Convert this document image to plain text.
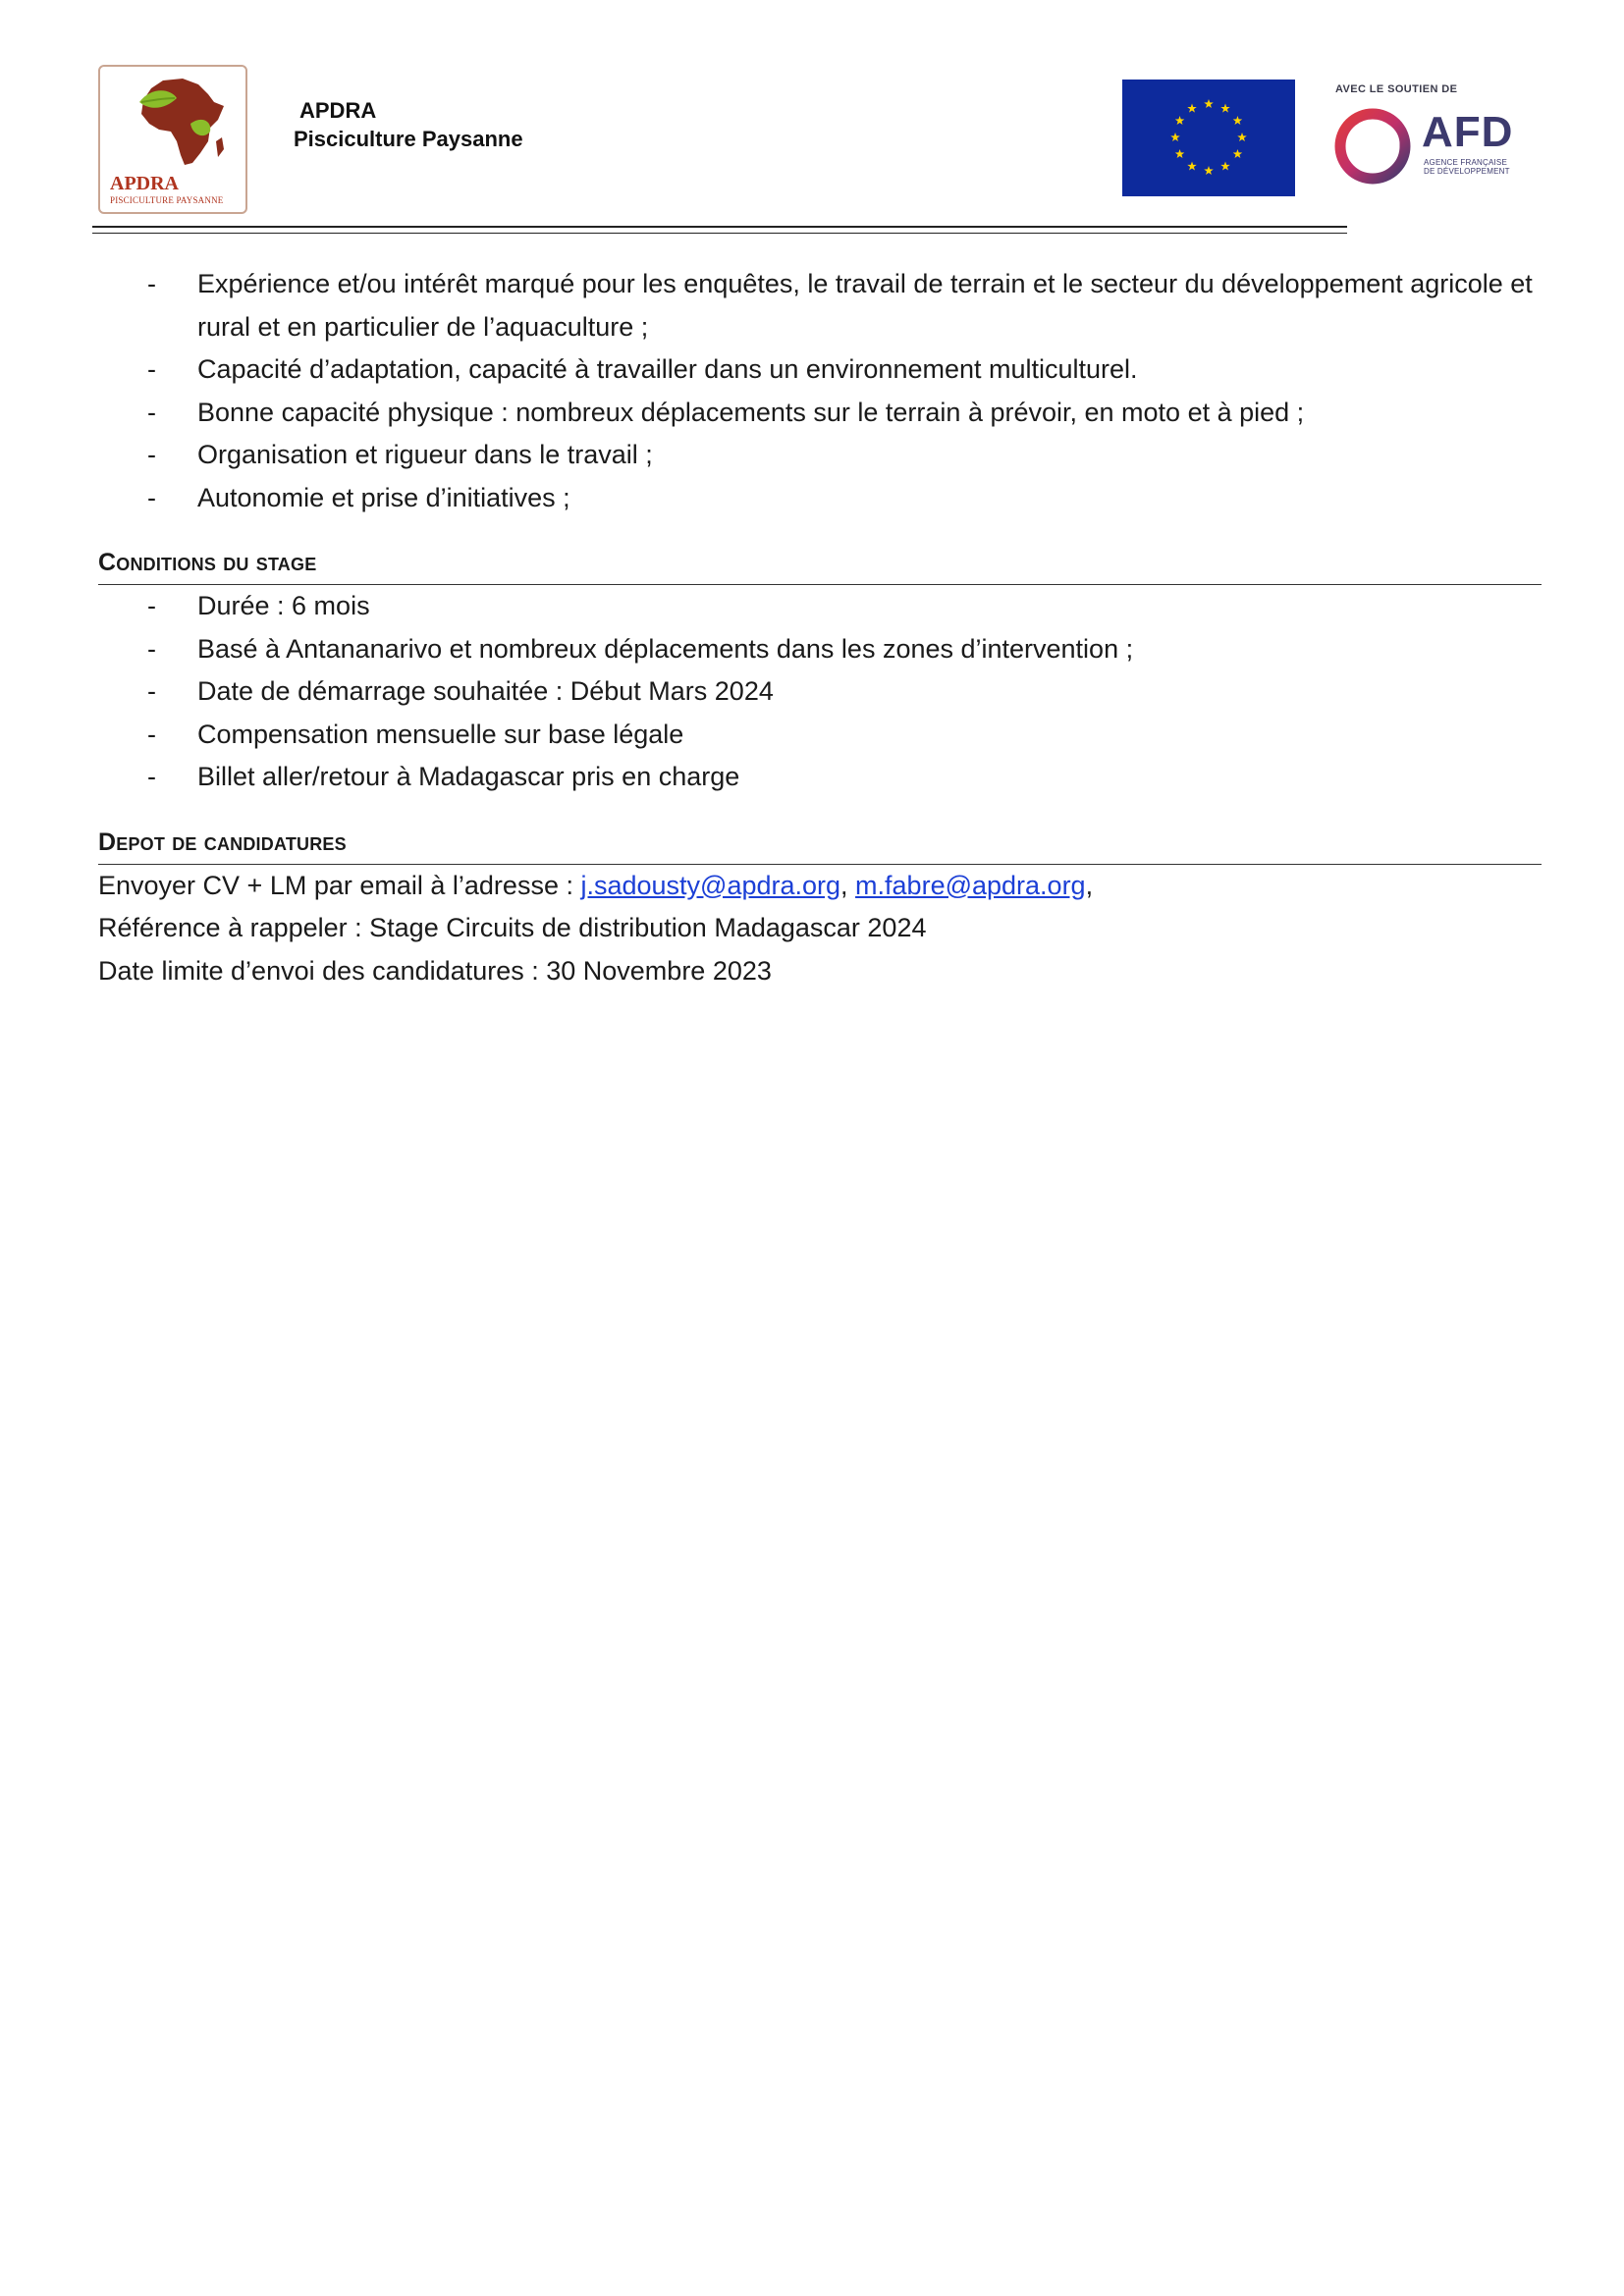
APDRA
PISCICULTURE PAYSANNE
APDRA
Pisciculture Paysanne
AVEC LE SOUTIEN DE
AFD
AGENCE FRANÇAISE
DE DÉVELOPPEMENT
- Expérience et/ou intérêt marqué pour les enquêtes, le travail de terrain et le secteur du développement agricole et rural et en particulier de l’aquaculture ;
- Capacité d’adaptation, capacité à travailler dans un environnement multiculturel.
- Bonne capacité physique : nombreux déplacements sur le terrain à prévoir, en moto et à pied ;
- Organisation et rigueur dans le travail ;
- Autonomie et prise d’initiatives ;
Conditions du stage
- Durée : 6 mois
- Basé à Antananarivo et nombreux déplacements dans les zones d’intervention ;
- Date de démarrage souhaitée : Début Mars 2024
- Compensation mensuelle sur base légale
- Billet aller/retour à Madagascar pris en charge
Depot de candidatures

Envoyer CV + LM par email à l’adresse : j.sadousty@apdra.org, m.fabre@apdra.org,

Référence à rappeler : Stage Circuits de distribution Madagascar 2024

Date limite d’envoi des candidatures : 30 Novembre 2023
